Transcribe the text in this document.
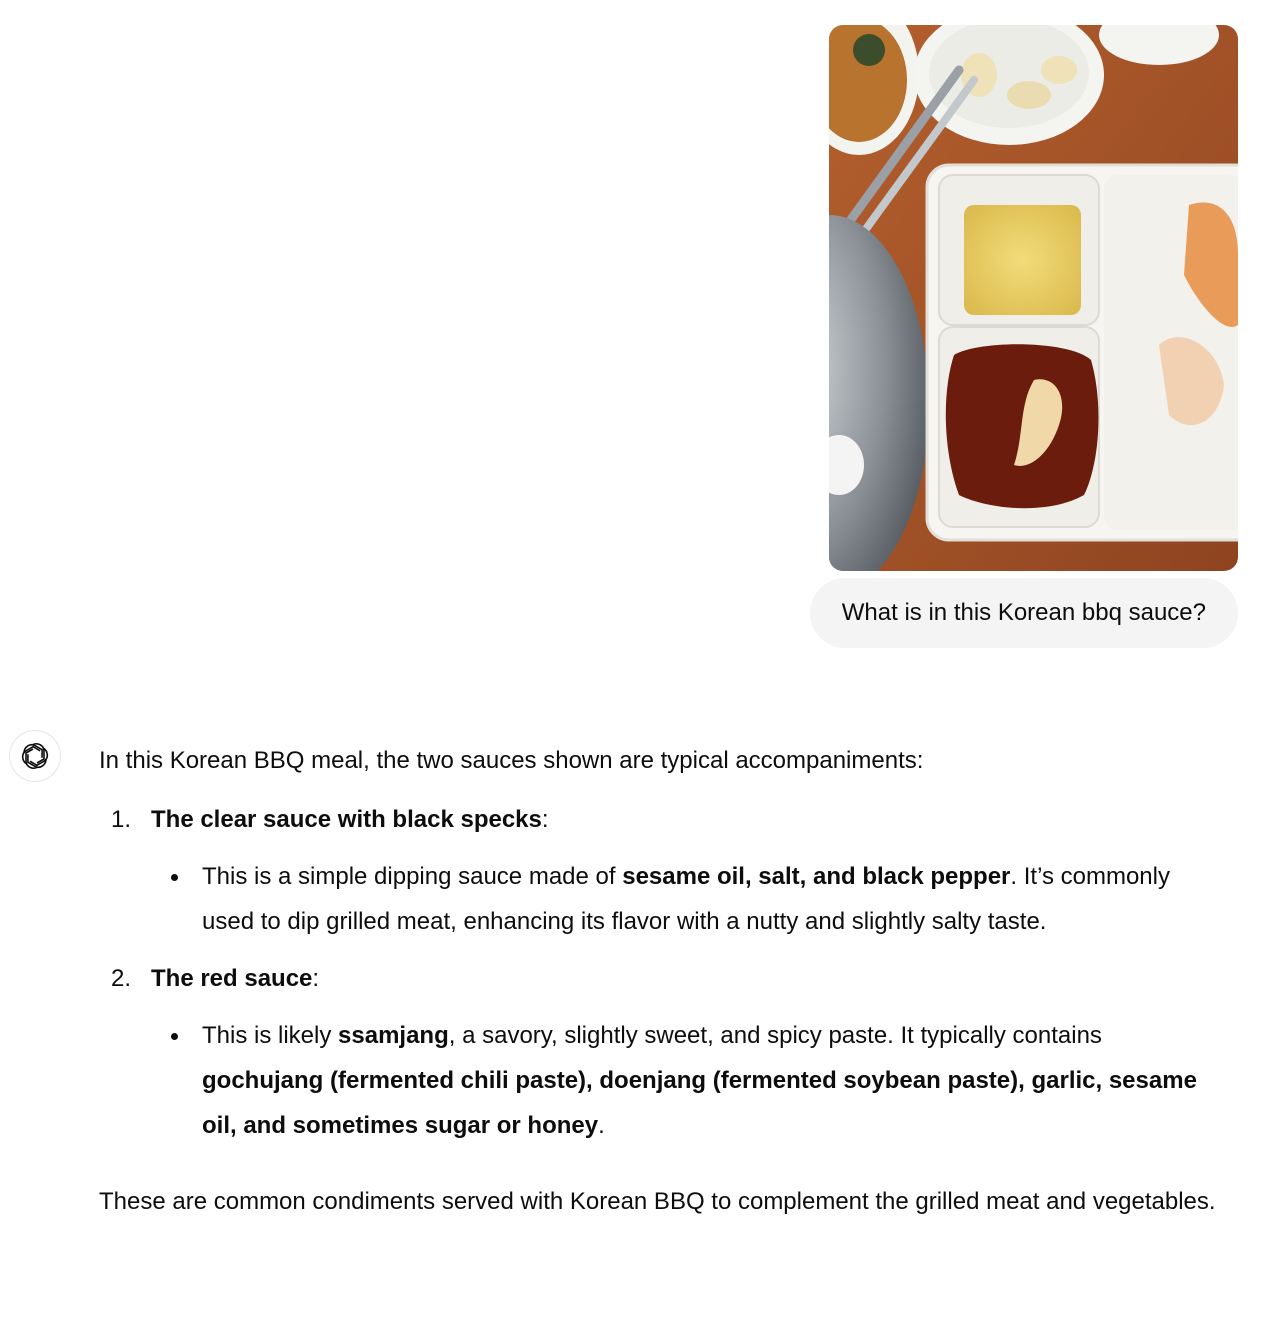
What is in this Korean bbq sauce?

In this Korean BBQ meal, the two sauces shown are typical accompaniments:

1. The clear sauce with black specks:
This is a simple dipping sauce made of sesame oil, salt, and black pepper. It’s commonly used to dip grilled meat, enhancing its flavor with a nutty and slightly salty taste.
2. The red sauce:
This is likely ssamjang, a savory, slightly sweet, and spicy paste. It typically contains gochujang (fermented chili paste), doenjang (fermented soybean paste), garlic, sesame oil, and sometimes sugar or honey.

These are common condiments served with Korean BBQ to complement the grilled meat and vegetables.
